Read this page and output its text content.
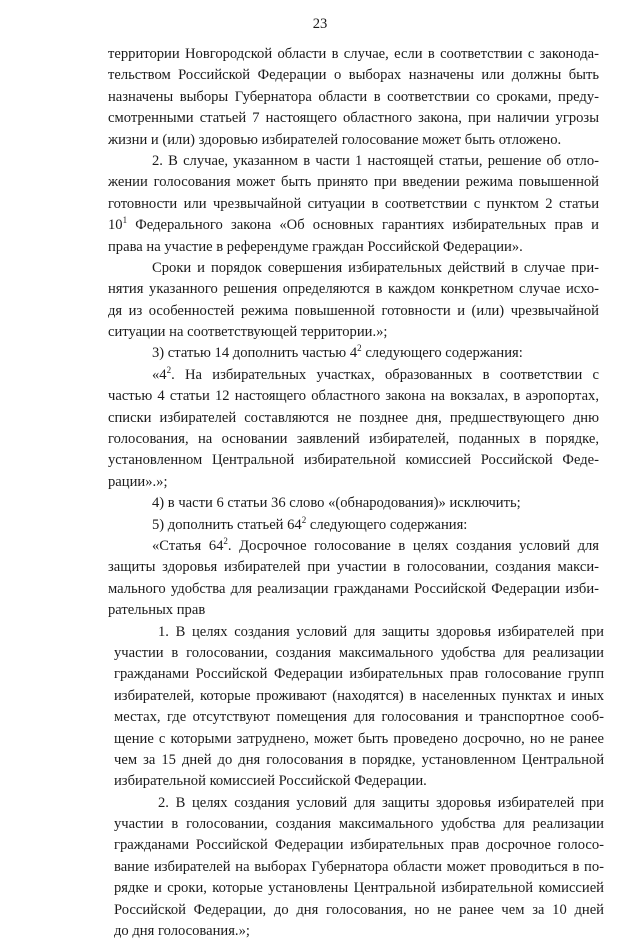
23
территории Новгородской области в случае, если в соответствии с законода-
тельством Российской Федерации о выборах назначены или должны быть
назначены выборы Губернатора области в соответствии со сроками, преду-
смотренными статьей 7 настоящего областного закона, при наличии угрозы
жизни и (или) здоровью избирателей голосование может быть отложено.
2. В случае, указанном в части 1 настоящей статьи, решение об отло-
жении голосования может быть принято при введении режима повышенной
готовности или чрезвычайной ситуации в соответствии с пунктом 2 статьи
$10^1$ Федерального закона «Об основных гарантиях избирательных прав и
права на участие в референдуме граждан Российской Федерации».
Сроки и порядок совершения избирательных действий в случае при-
нятия указанного решения определяются в каждом конкретном случае исхо-
дя из особенностей режима повышенной готовности и (или) чрезвычайной
ситуации на соответствующей территории.»;
3) статью 14 дополнить частью $4^2$ следующего содержания:
«$4^2$. На избирательных участках, образованных в соответствии с
частью 4 статьи 12 настоящего областного закона на вокзалах, в аэропортах,
списки избирателей составляются не позднее дня, предшествующего дню
голосования, на основании заявлений избирателей, поданных в порядке,
установленном Центральной избирательной комиссией Российской Феде-
рации».»;
4) в части 6 статьи 36 слово «(обнародования)» исключить;
5) дополнить статьей $64^2$ следующего содержания:
«Статья $64^2$. Досрочное голосование в целях создания условий для
защиты здоровья избирателей при участии в голосовании, создания макси-
мального удобства для реализации гражданами Российской Федерации изби-
рательных прав
1. В целях создания условий для защиты здоровья избирателей при
участии в голосовании, создания максимального удобства для реализации
гражданами Российской Федерации избирательных прав голосование групп
избирателей, которые проживают (находятся) в населенных пунктах и иных
местах, где отсутствуют помещения для голосования и транспортное сооб-
щение с которыми затруднено, может быть проведено досрочно, но не ранее
чем за 15 дней до дня голосования в порядке, установленном Центральной
избирательной комиссией Российской Федерации.
2. В целях создания условий для защиты здоровья избирателей при
участии в голосовании, создания максимального удобства для реализации
гражданами Российской Федерации избирательных прав досрочное голосо-
вание избирателей на выборах Губернатора области может проводиться в по-
рядке и сроки, которые установлены Центральной избирательной комиссией
Российской Федерации, до дня голосования, но не ранее чем за 10 дней
до дня голосования.»;
